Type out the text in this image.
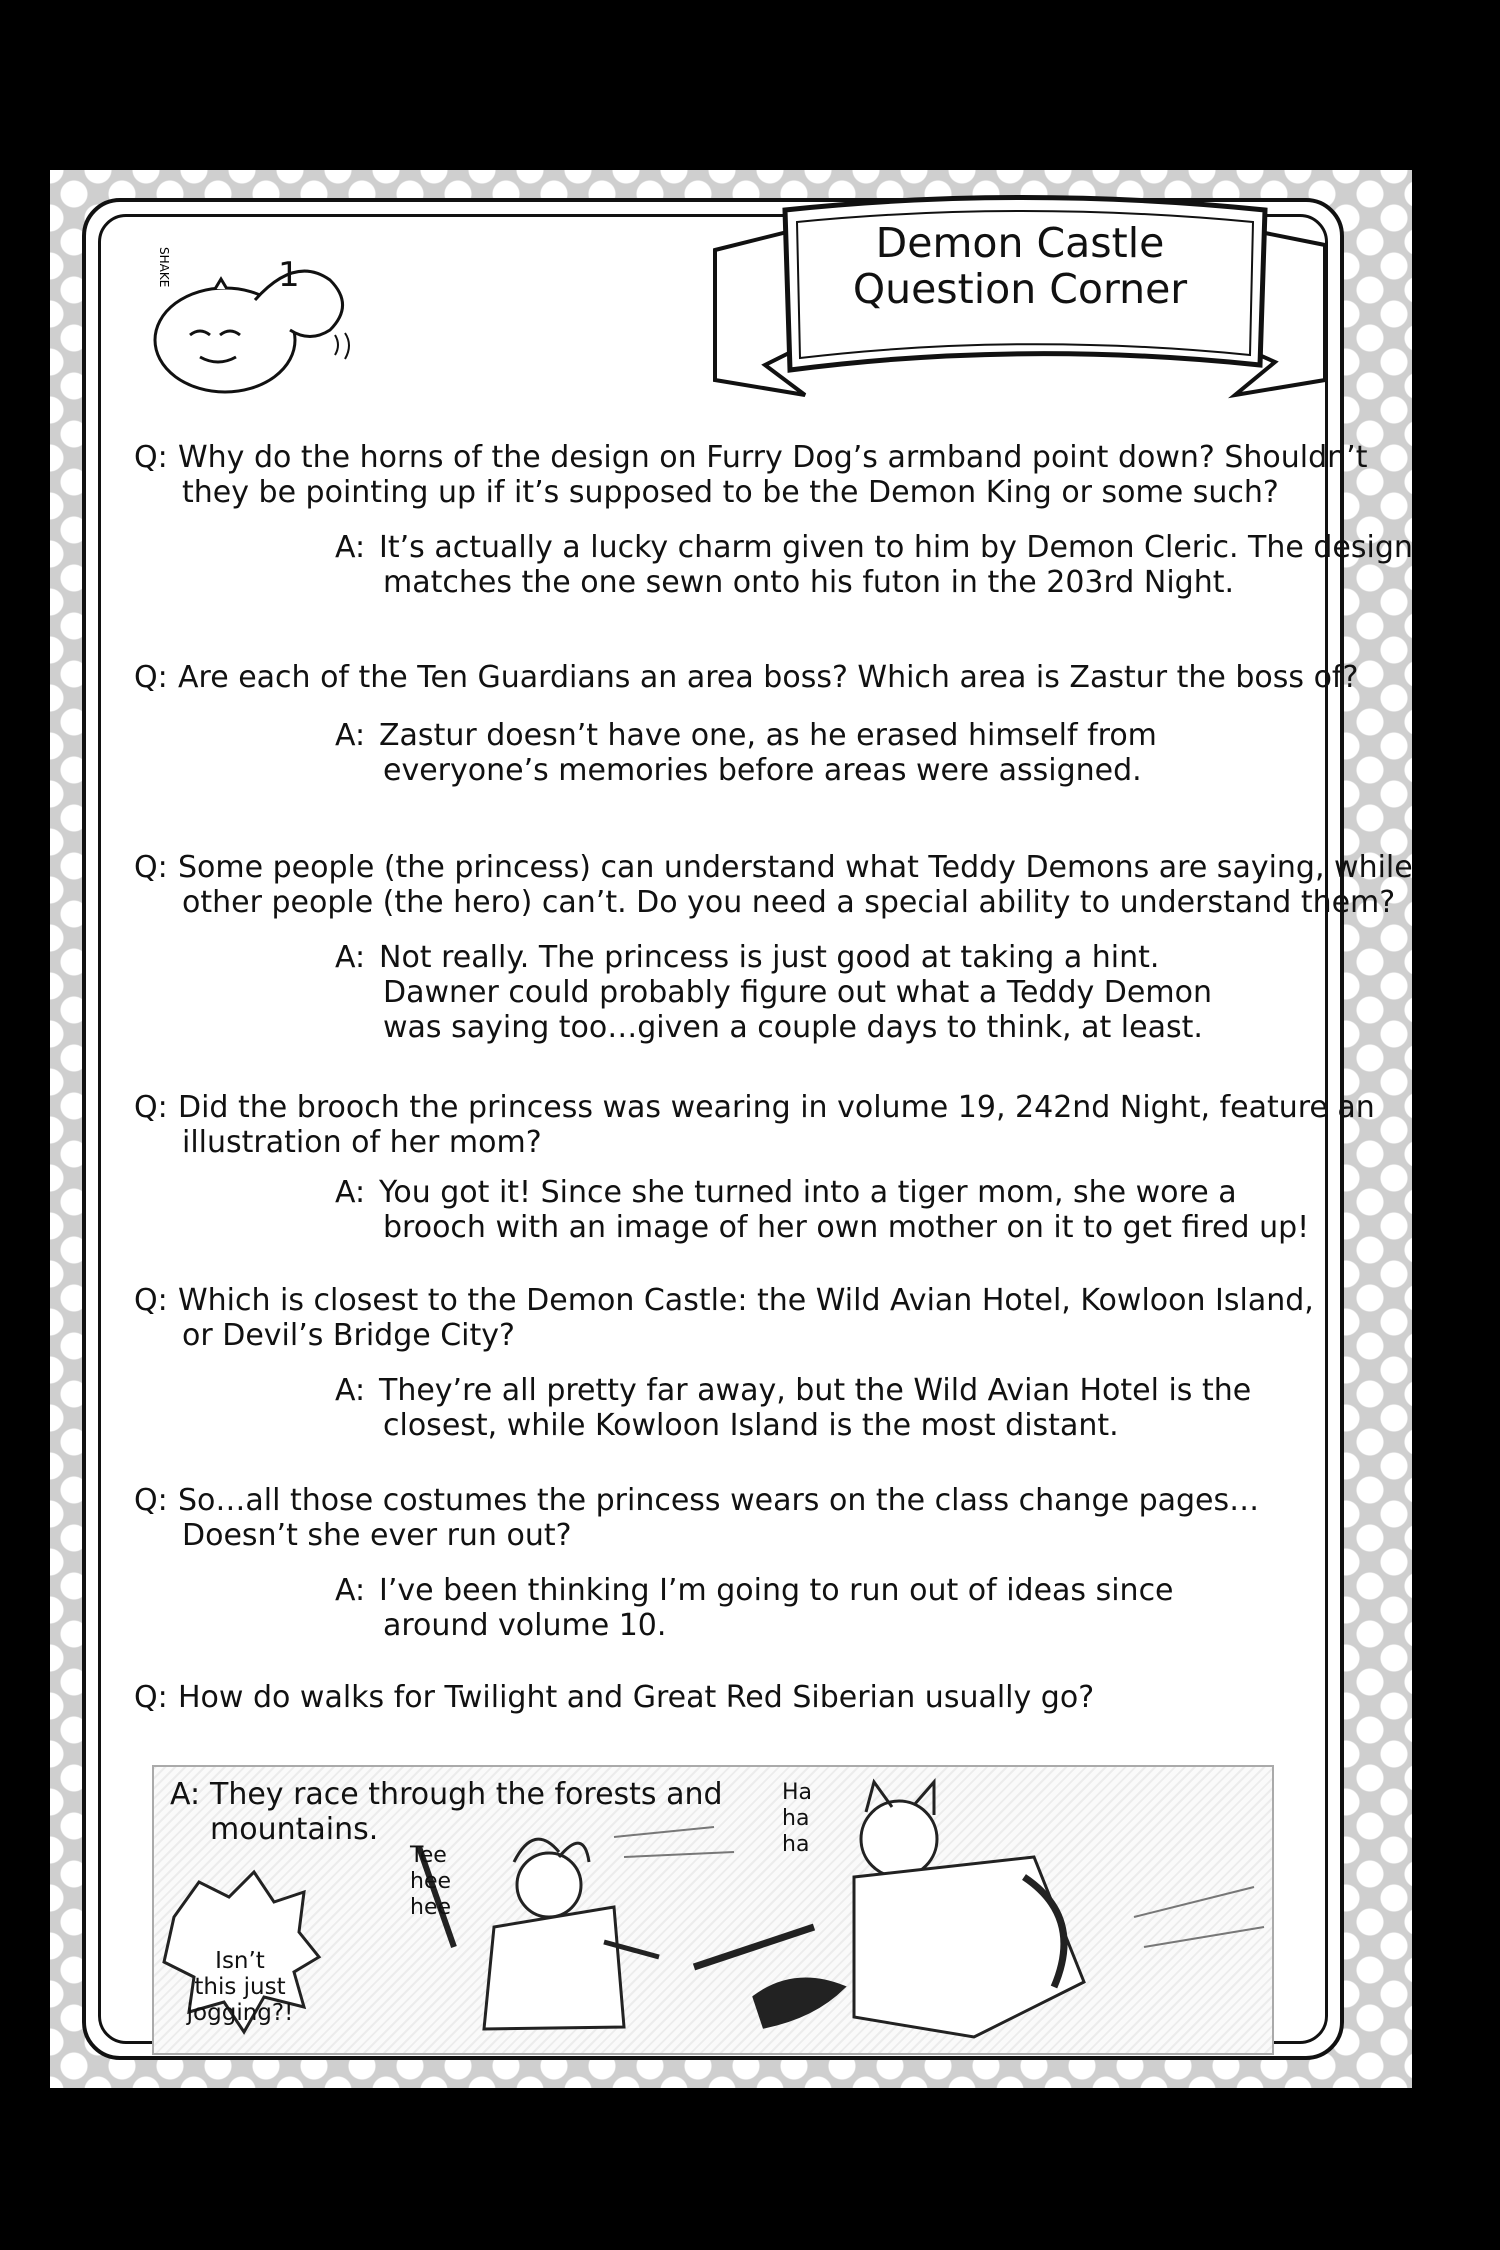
SHAKE	1
Demon Castle
Question Corner
Q: Why do the horns of the design on Furry Dog’s armband point down? Shouldn’t
they be pointing up if it’s supposed to be the Demon King or some such?
A: It’s actually a lucky charm given to him by Demon Cleric. The design
matches the one sewn onto his futon in the 203rd Night.
Q: Are each of the Ten Guardians an area boss? Which area is Zastur the boss of?
A: Zastur doesn’t have one, as he erased himself from
everyone’s memories before areas were assigned.
Q: Some people (the princess) can understand what Teddy Demons are saying, while
other people (the hero) can’t. Do you need a special ability to understand them?
A: Not really. The princess is just good at taking a hint.
Dawner could probably figure out what a Teddy Demon
was saying too…given a couple days to think, at least.
Q: Did the brooch the princess was wearing in volume 19, 242nd Night, feature an
illustration of her mom?
A: You got it! Since she turned into a tiger mom, she wore a
brooch with an image of her own mother on it to get fired up!
Q: Which is closest to the Demon Castle: the Wild Avian Hotel, Kowloon Island,
or Devil’s Bridge City?
A: They’re all pretty far away, but the Wild Avian Hotel is the
closest, while Kowloon Island is the most distant.
Q: So…all those costumes the princess wears on the class change pages…
Doesn’t she ever run out?
A: I’ve been thinking I’m going to run out of ideas since
around volume 10.
Q: How do walks for Twilight and Great Red Siberian usually go?
A: They race through the forests and
mountains.
Tee
hee
hee
Ha
ha
ha
Isn’t
this just
jogging?!
